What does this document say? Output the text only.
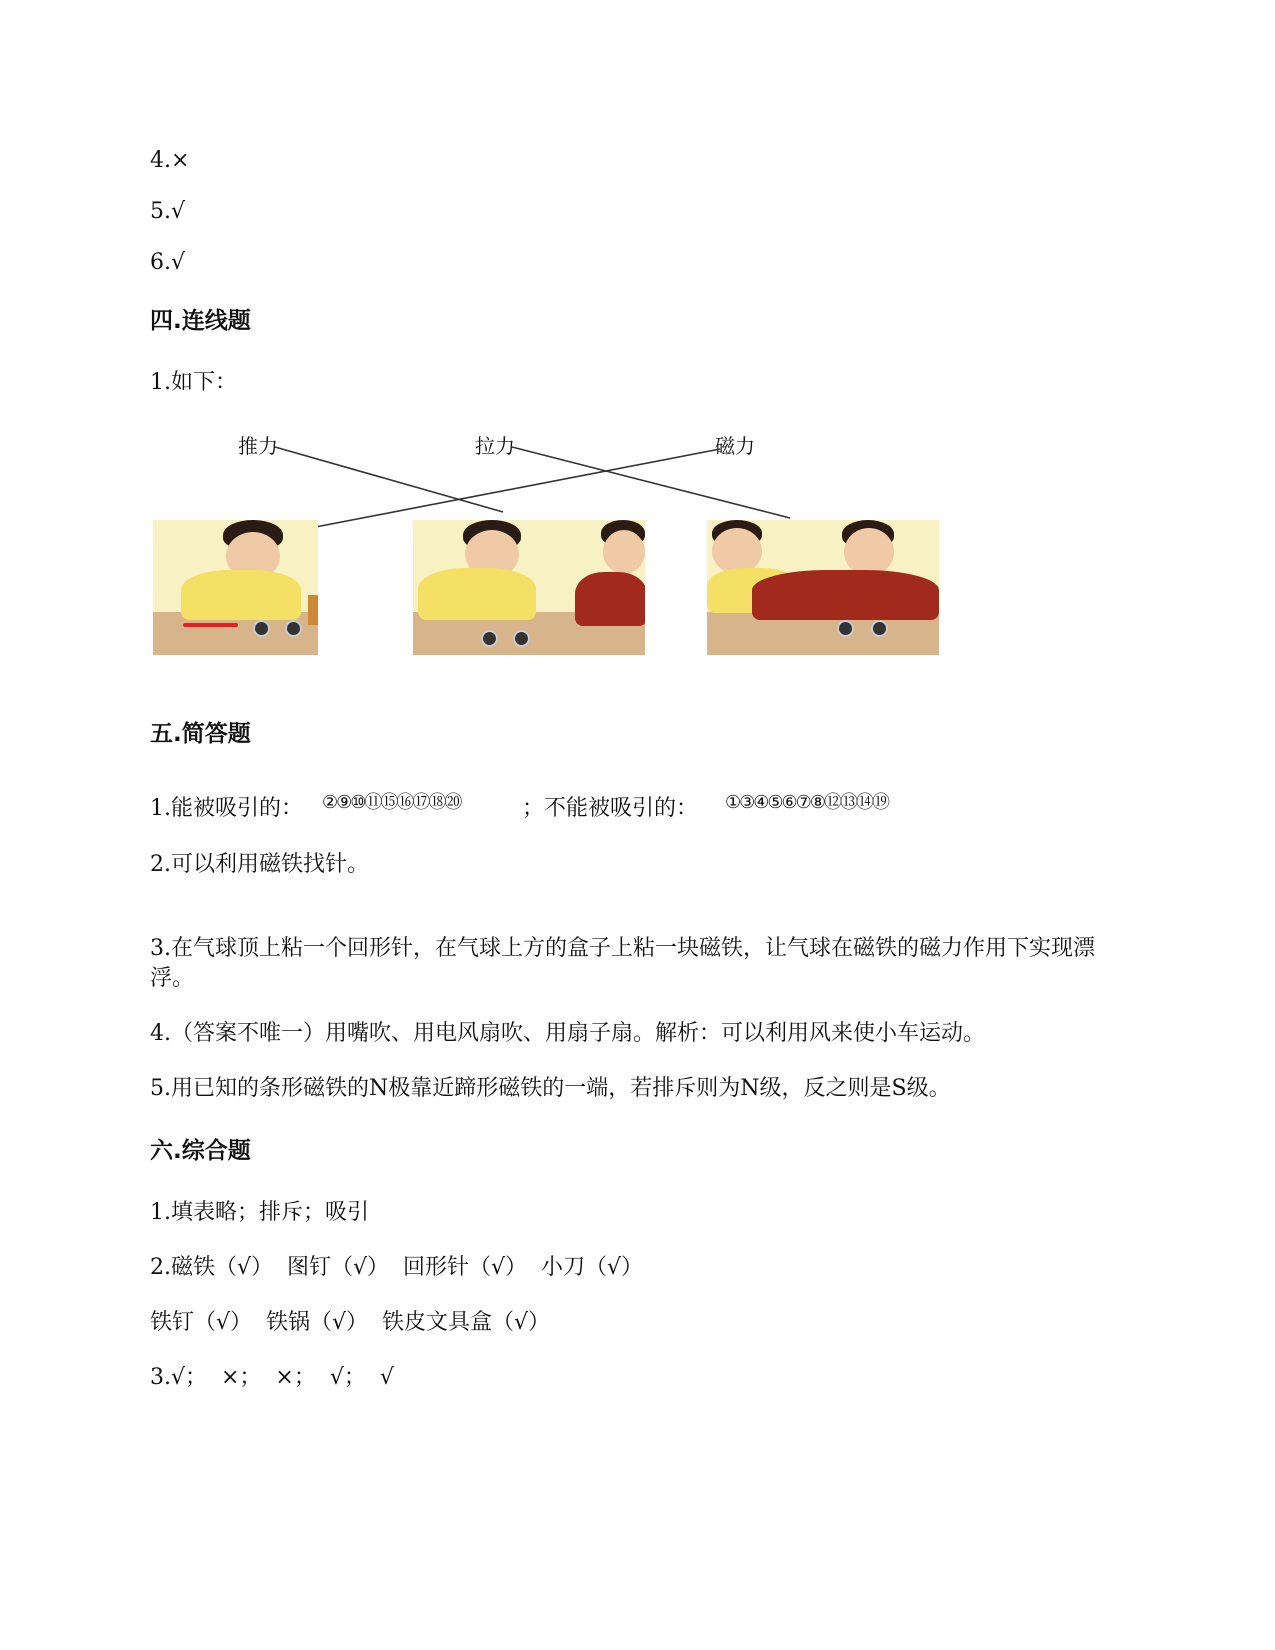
4.×
5.√
6.√
四.连线题
1.如下：
推力	拉力	磁力
五.简答题
1.能被吸引的： ②⑨⑩⑪⑮⑯⑰⑱⑳	；不能被吸引的： ①③④⑤⑥⑦⑧⑫⑬⑭⑲
2.可以利用磁铁找针。
3.在气球顶上粘一个回形针，在气球上方的盒子上粘一块磁铁，让气球在磁铁的磁力作用下实现漂浮。
4.（答案不唯一）用嘴吹、用电风扇吹、用扇子扇。解析：可以利用风来使小车运动。
5.用已知的条形磁铁的N极靠近蹄形磁铁的一端，若排斥则为N级，反之则是S级。
六.综合题
1.填表略；排斥；吸引
2.磁铁（√）  图钉（√）  回形针（√）  小刀（√）
铁钉（√）  铁锅（√）  铁皮文具盒（√）
3.√；  ×；  ×；  √；  √
